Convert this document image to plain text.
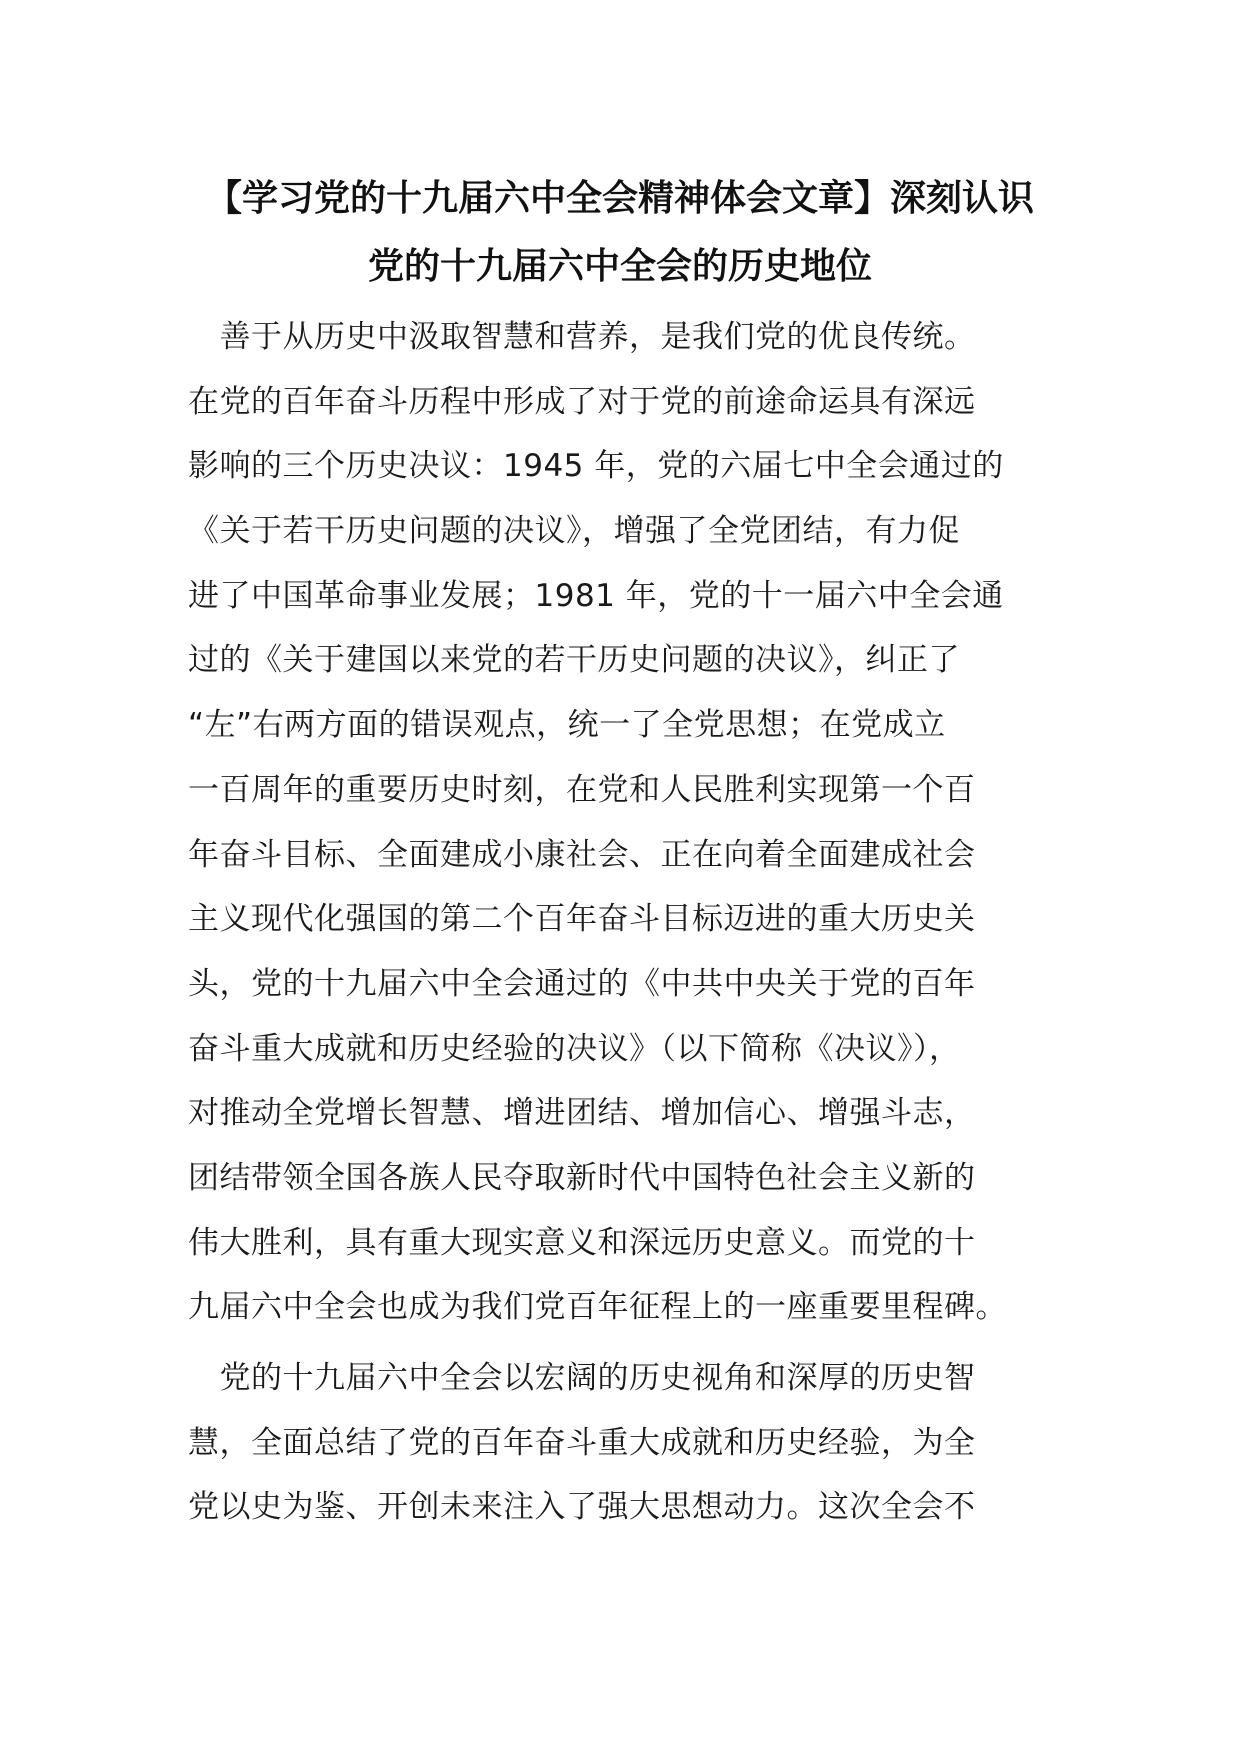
【学习党的十九届六中全会精神体会文章】深刻认识
党的十九届六中全会的历史地位
　善于从历史中汲取智慧和营养，是我们党的优良传统。
在党的百年奋斗历程中形成了对于党的前途命运具有深远
影响的三个历史决议：1945 年，党的六届七中全会通过的
《关于若干历史问题的决议》，增强了全党团结，有力促
进了中国革命事业发展；1981 年，党的十一届六中全会通
过的《关于建国以来党的若干历史问题的决议》，纠正了
“左”右两方面的错误观点，统一了全党思想；在党成立
一百周年的重要历史时刻，在党和人民胜利实现第一个百
年奋斗目标、全面建成小康社会、正在向着全面建成社会
主义现代化强国的第二个百年奋斗目标迈进的重大历史关
头，党的十九届六中全会通过的《中共中央关于党的百年
奋斗重大成就和历史经验的决议》（以下简称《决议》），
对推动全党增长智慧、增进团结、增加信心、增强斗志，
团结带领全国各族人民夺取新时代中国特色社会主义新的
伟大胜利，具有重大现实意义和深远历史意义。而党的十
九届六中全会也成为我们党百年征程上的一座重要里程碑。
　党的十九届六中全会以宏阔的历史视角和深厚的历史智
慧，全面总结了党的百年奋斗重大成就和历史经验，为全
党以史为鉴、开创未来注入了强大思想动力。这次全会不
